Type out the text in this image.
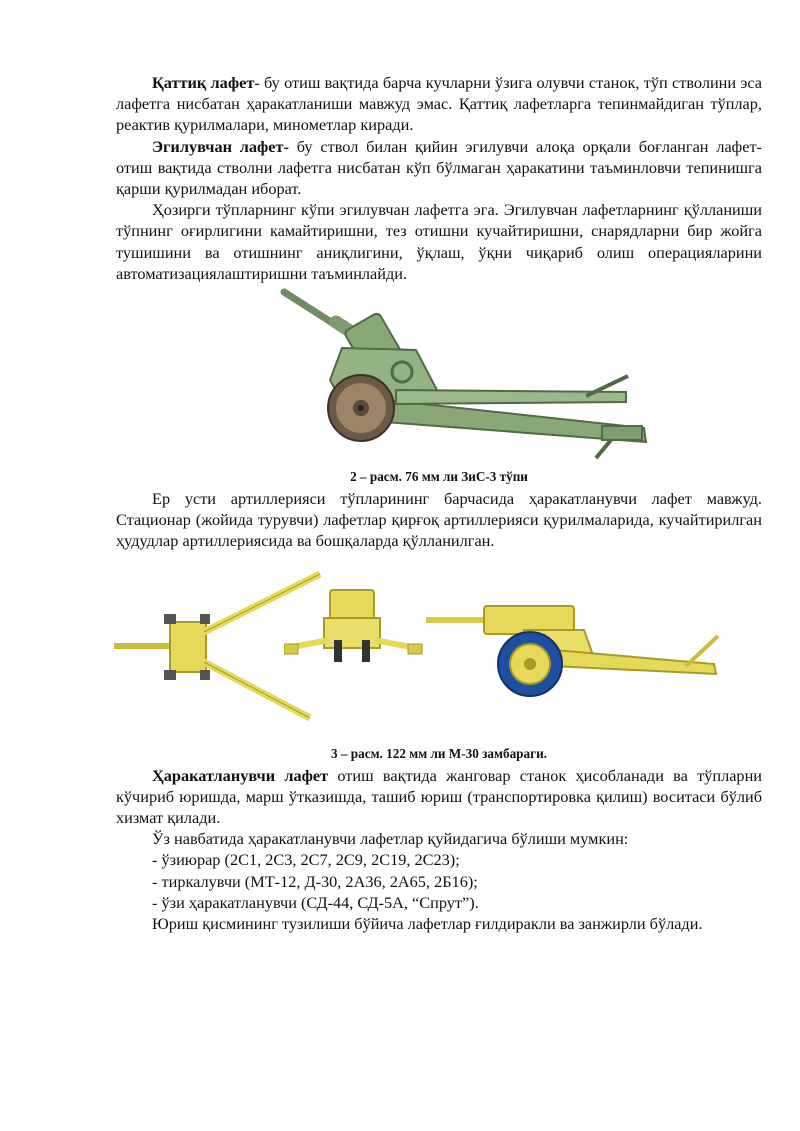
Қаттиқ лафет- бу отиш вақтида барча кучларни ўзига олувчи станок, тўп стволини эса лафетга нисбатан ҳаракатланиши мавжуд эмас. Қаттиқ лафетларга тепинмайдиган тўплар, реактив қурилмалари, минометлар киради.

Эгилувчан лафет- бу ствол билан қийин эгилувчи алоқа орқали боғланган лафет- отиш вақтида стволни лафетга нисбатан кўп бўлмаган ҳаракатини таъминловчи тепинишга қарши қурилмадан иборат.

Ҳозирги тўпларнинг кўпи эгилувчан лафетга эга. Эгилувчан лафетларнинг қўлланиши тўпнинг оғирлигини камайтиришни, тез отишни кучайтиришни, снарядларни бир жойга тушишини ва отишнинг аниқлигини, ўқлаш, ўқни чиқариб олиш операцияларини автоматизациялаштиришни таъминлайди.

2 – расм. 76 мм ли ЗиС-3 тўпи

Ер усти артиллерияси тўпларининг барчасида ҳаракатланувчи лафет мавжуд. Стационар (жойида турувчи) лафетлар қирғоқ артиллерияси қурилмаларида, кучайтирилган ҳудудлар артиллериясида ва бошқаларда қўлланилган.

3 – расм. 122 мм ли М-30 замбараги.

Ҳаракатланувчи лафет отиш вақтида жанговар станок ҳисобланади ва тўпларни кўчириб юришда, марш ўтказишда, ташиб юриш (транспортировка қилиш) воситаси бўлиб хизмат қилади.

Ўз навбатида ҳаракатланувчи лафетлар қуйидагича бўлиши мумкин:

- ўзиюрар (2С1, 2С3, 2С7, 2С9, 2С19, 2С23);

- тиркалувчи (МТ-12, Д-30, 2А36, 2А65, 2Б16);

- ўзи ҳаракатланувчи (СД-44, СД-5А, “Спрут”).

Юриш қисмининг тузилиши бўйича лафетлар ғилдиракли ва занжирли бўлади.
